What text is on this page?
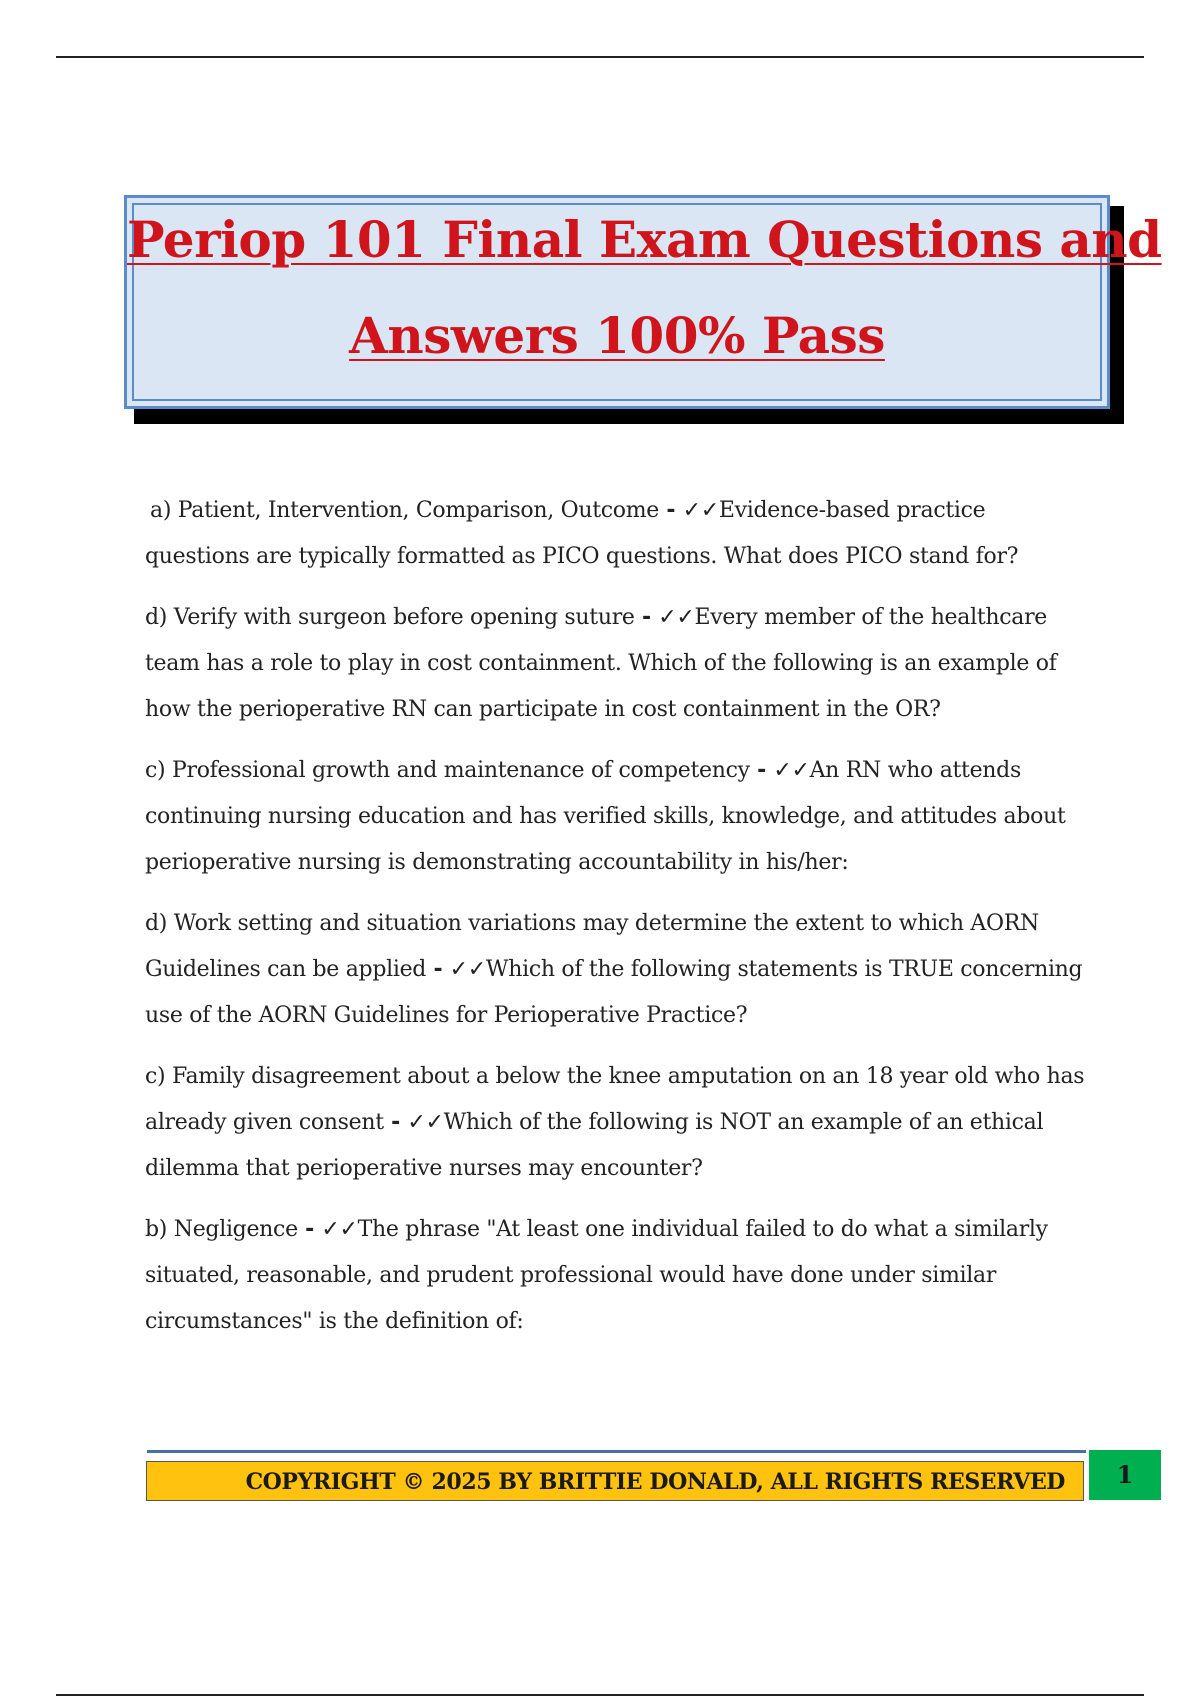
Periop 101 Final Exam Questions and
Answers 100% Pass

a) Patient, Intervention, Comparison, Outcome - ✓✓Evidence-based practice questions are typically formatted as PICO questions. What does PICO stand for?

d) Verify with surgeon before opening suture - ✓✓Every member of the healthcare team has a role to play in cost containment. Which of the following is an example of how the perioperative RN can participate in cost containment in the OR?

c) Professional growth and maintenance of competency - ✓✓An RN who attends continuing nursing education and has verified skills, knowledge, and attitudes about perioperative nursing is demonstrating accountability in his/her:

d) Work setting and situation variations may determine the extent to which AORN Guidelines can be applied - ✓✓Which of the following statements is TRUE concerning use of the AORN Guidelines for Perioperative Practice?

c) Family disagreement about a below the knee amputation on an 18 year old who has already given consent - ✓✓Which of the following is NOT an example of an ethical dilemma that perioperative nurses may encounter?

b) Negligence - ✓✓The phrase "At least one individual failed to do what a similarly situated, reasonable, and prudent professional would have done under similar circumstances" is the definition of:

COPYRIGHT © 2025 BY BRITTIE DONALD, ALL RIGHTS RESERVED	1
